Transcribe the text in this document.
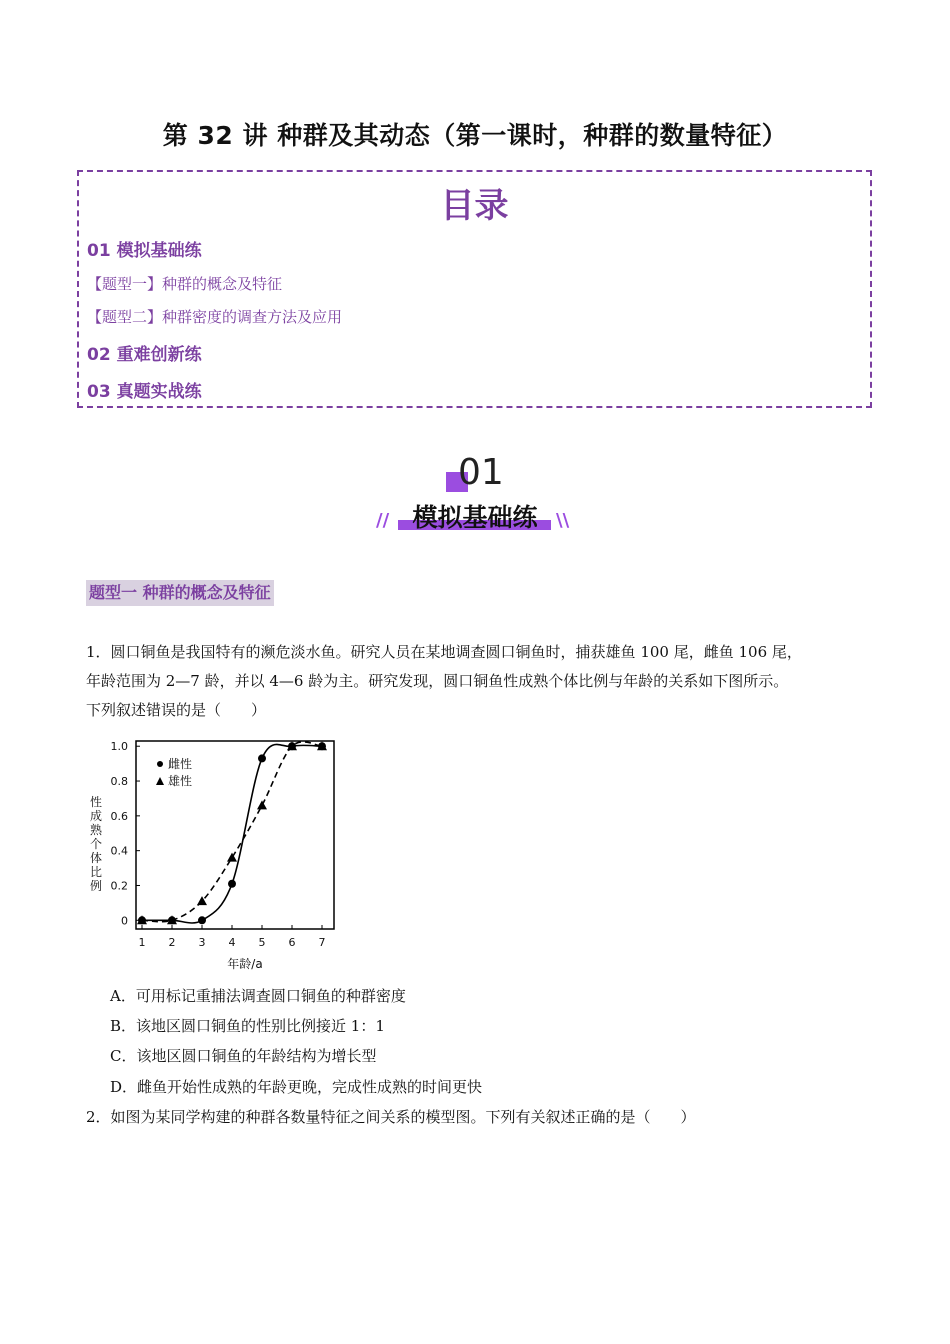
第 32 讲 种群及其动态（第一课时，种群的数量特征）
目录
01 模拟基础练
【题型一】种群的概念及特征
【题型二】种群密度的调查方法及应用
02 重难创新练
03 真题实战练
01
模拟基础练
//	\\
题型一 种群的概念及特征
1．圆口铜鱼是我国特有的濒危淡水鱼。研究人员在某地调查圆口铜鱼时，捕获雄鱼 100 尾，雌鱼 106 尾，
年龄范围为 2—7 龄，并以 4—6 龄为主。研究发现，圆口铜鱼性成熟个体比例与年龄的关系如下图所示。
下列叙述错误的是（　　）
0
0.2
0.4
0.6
0.8
1.0
1 2 3 4 5 6 7
性
成
熟
个
体
比
例
年龄/a
雌性
雄性
A．可用标记重捕法调查圆口铜鱼的种群密度
B．该地区圆口铜鱼的性别比例接近 1：1
C．该地区圆口铜鱼的年龄结构为增长型
D．雌鱼开始性成熟的年龄更晚，完成性成熟的时间更快
2．如图为某同学构建的种群各数量特征之间关系的模型图。下列有关叙述正确的是（　　）
